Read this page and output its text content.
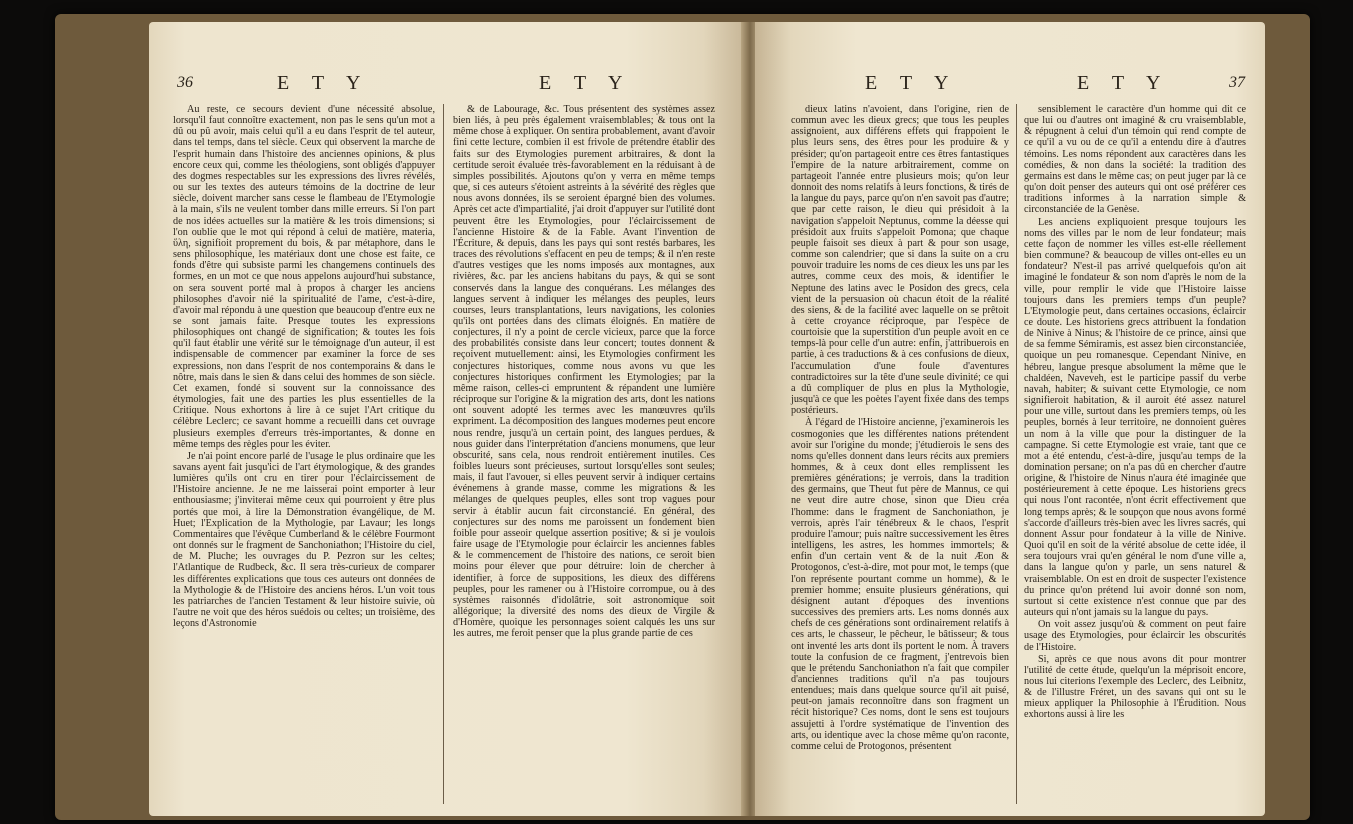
36	E T Y	E T Y

Au reste, ce secours devient d'une nécessité absolue, lorsqu'il faut connoître exactement, non pas le sens qu'un mot a dû ou pû avoir, mais celui qu'il a eu dans l'esprit de tel auteur, dans tel temps, dans tel siècle. Ceux qui observent la marche de l'esprit humain dans l'histoire des anciennes opinions, & plus encore ceux qui, comme les théologiens, sont obligés d'appuyer des dogmes respectables sur les expressions des livres révélés, ou sur les textes des auteurs témoins de la doctrine de leur siècle, doivent marcher sans cesse le flambeau de l'Etymologie à la main, s'ils ne veulent tomber dans mille erreurs. Si l'on part de nos idées actuelles sur la matière & les trois dimensions; si l'on oublie que le mot qui répond à celui de matière, materia, ὕλη, signifioit proprement du bois, & par métaphore, dans le sens philosophique, les matériaux dont une chose est faite, ce fonds d'être qui subsiste parmi les changemens continuels des formes, en un mot ce que nous appelons aujourd'hui substance, on sera souvent porté mal à propos à charger les anciens philosophes d'avoir nié la spiritualité de l'ame, c'est-à-dire, d'avoir mal répondu à une question que beaucoup d'entre eux ne se sont jamais faite. Presque toutes les expressions philosophiques ont changé de signification; & toutes les fois qu'il faut établir une vérité sur le témoignage d'un auteur, il est indispensable de commencer par examiner la force de ses expressions, non dans l'esprit de nos contemporains & dans le nôtre, mais dans le sien & dans celui des hommes de son siècle. Cet examen, fondé si souvent sur la connoissance des étymologies, fait une des parties les plus essentielles de la Critique. Nous exhortons à lire à ce sujet l'Art critique du célèbre Leclerc; ce savant homme a recueilli dans cet ouvrage plusieurs exemples d'erreurs très-importantes, & donne en même temps des règles pour les éviter.

Je n'ai point encore parlé de l'usage le plus ordinaire que les savans ayent fait jusqu'ici de l'art étymologique, & des grandes lumières qu'ils ont cru en tirer pour l'éclaircissement de l'Histoire ancienne. Je ne me laisserai point emporter à leur enthousiasme; j'inviterai même ceux qui pourroient y être plus portés que moi, à lire la Démonstration évangélique, de M. Huet; l'Explication de la Mythologie, par Lavaur; les longs Commentaires que l'évêque Cumberland & le célèbre Fourmont ont donnés sur le fragment de Sanchoniathon; l'Histoire du ciel, de M. Pluche; les ouvrages du P. Pezron sur les celtes; l'Atlantique de Rudbeck, &c. Il sera très-curieux de comparer les différentes explications que tous ces auteurs ont données de la Mythologie & de l'Histoire des anciens héros. L'un voit tous les patriarches de l'ancien Testament & leur histoire suivie, où l'autre ne voit que des héros suédois ou celtes; un troisième, des leçons d'Astronomie

& de Labourage, &c. Tous présentent des systèmes assez bien liés, à peu près également vraisemblables; & tous ont la même chose à expliquer. On sentira probablement, avant d'avoir fini cette lecture, combien il est frivole de prétendre établir des faits sur des Etymologies purement arbitraires, & dont la certitude seroit évaluée très-favorablement en la réduisant à de simples possibilités. Ajoutons qu'on y verra en même temps que, si ces auteurs s'étoient astreints à la sévérité des règles que nous avons données, ils se seroient épargné bien des volumes. Après cet acte d'impartialité, j'ai droit d'appuyer sur l'utilité dont peuvent être les Etymologies, pour l'éclaircissement de l'ancienne Histoire & de la Fable. Avant l'invention de l'Écriture, & depuis, dans les pays qui sont restés barbares, les traces des révolutions s'effacent en peu de temps; & il n'en reste d'autres vestiges que les noms imposés aux montagnes, aux rivières, &c. par les anciens habitans du pays, & qui se sont conservés dans la langue des conquérans. Les mélanges des langues servent à indiquer les mélanges des peuples, leurs courses, leurs transplantations, leurs navigations, les colonies qu'ils ont portées dans des climats éloignés. En matière de conjectures, il n'y a point de cercle vicieux, parce que la force des probabilités consiste dans leur concert; toutes donnent & reçoivent mutuellement: ainsi, les Etymologies confirment les conjectures historiques, comme nous avons vu que les conjectures historiques confirment les Etymologies; par la même raison, celles-ci empruntent & répandent une lumière réciproque sur l'origine & la migration des arts, dont les nations ont souvent adopté les termes avec les manœuvres qu'ils expriment. La décomposition des langues modernes peut encore nous rendre, jusqu'à un certain point, des langues perdues, & nous guider dans l'interprétation d'anciens monumens, que leur obscurité, sans cela, nous rendroit entièrement inutiles. Ces foibles lueurs sont précieuses, surtout lorsqu'elles sont seules; mais, il faut l'avouer, si elles peuvent servir à indiquer certains événemens à grande masse, comme les migrations & les mélanges de quelques peuples, elles sont trop vagues pour servir à établir aucun fait circonstancié. En général, des conjectures sur des noms me paroissent un fondement bien foible pour asseoir quelque assertion positive; & si je voulois faire usage de l'Etymologie pour éclaircir les anciennes fables & le commencement de l'histoire des nations, ce seroit bien moins pour élever que pour détruire: loin de chercher à identifier, à force de suppositions, les dieux des différens peuples, pour les ramener ou à l'Histoire corrompue, ou à des systèmes raisonnés d'idolâtrie, soit astronomique soit allégorique; la diversité des noms des dieux de Virgile & d'Homère, quoique les personnages soient calqués les uns sur les autres, me feroit penser que la plus grande partie de ces

E T Y	E T Y	37

dieux latins n'avoient, dans l'origine, rien de commun avec les dieux grecs; que tous les peuples assignoient, aux différens effets qui frappoient le plus leurs sens, des êtres pour les produire & y présider; qu'on partageoit entre ces êtres fantastiques l'empire de la nature arbitrairement, comme on partageoit l'année entre plusieurs mois; qu'on leur donnoit des noms relatifs à leurs fonctions, & tirés de la langue du pays, parce qu'on n'en savoit pas d'autre; que par cette raison, le dieu qui présidoit à la navigation s'appeloit Neptunus, comme la déesse qui présidoit aux fruits s'appeloit Pomona; que chaque peuple faisoit ses dieux à part & pour son usage, comme son calendrier; que si dans la suite on a cru pouvoir traduire les noms de ces dieux les uns par les autres, comme ceux des mois, & identifier le Neptune des latins avec le Posidon des grecs, cela vient de la persuasion où chacun étoit de la réalité des siens, & de la facilité avec laquelle on se prêtoit à cette croyance réciproque, par l'espèce de courtoisie que la superstition d'un peuple avoit en ce temps-là pour celle d'un autre: enfin, j'attribuerois en partie, à ces traductions & à ces confusions de dieux, l'accumulation d'une foule d'aventures contradictoires sur la tête d'une seule divinité; ce qui a dû compliquer de plus en plus la Mythologie, jusqu'à ce que les poètes l'ayent fixée dans des temps postérieurs.

À l'égard de l'Histoire ancienne, j'examinerois les cosmogonies que les différentes nations prétendent avoir sur l'origine du monde; j'étudierois le sens des noms qu'elles donnent dans leurs récits aux premiers hommes, & à ceux dont elles remplissent les premières générations; je verrois, dans la tradition des germains, que Theut fut père de Mannus, ce qui ne veut dire autre chose, sinon que Dieu créa l'homme: dans le fragment de Sanchoniathon, je verrois, après l'air ténébreux & le chaos, l'esprit produire l'amour; puis naître successivement les êtres intelligens, les astres, les hommes immortels; & enfin d'un certain vent & de la nuit Æon & Protogonos, c'est-à-dire, mot pour mot, le temps (que l'on représente pourtant comme un homme), & le premier homme; ensuite plusieurs générations, qui désignent autant d'époques des inventions successives des premiers arts. Les noms donnés aux chefs de ces générations sont ordinairement relatifs à ces arts, le chasseur, le pêcheur, le bâtisseur; & tous ont inventé les arts dont ils portent le nom. À travers toute la confusion de ce fragment, j'entrevois bien que le prétendu Sanchoniathon n'a fait que compiler d'anciennes traditions qu'il n'a pas toujours entendues; mais dans quelque source qu'il ait puisé, peut-on jamais reconnoître dans son fragment un récit historique? Ces noms, dont le sens est toujours assujetti à l'ordre systématique de l'invention des arts, ou identique avec la chose même qu'on raconte, comme celui de Protogonos, présentent

sensiblement le caractère d'un homme qui dit ce que lui ou d'autres ont imaginé & cru vraisemblable, & répugnent à celui d'un témoin qui rend compte de ce qu'il a vu ou de ce qu'il a entendu dire à d'autres témoins. Les noms répondent aux caractères dans les comédies, & non dans la société: la tradition des germains est dans le même cas; on peut juger par là ce qu'on doit penser des auteurs qui ont osé préférer ces traditions informes à la narration simple & circonstanciée de la Genèse.

Les anciens expliquoient presque toujours les noms des villes par le nom de leur fondateur; mais cette façon de nommer les villes est-elle réellement bien commune? & beaucoup de villes ont-elles eu un fondateur? N'est-il pas arrivé quelquefois qu'on ait imaginé le fondateur & son nom d'après le nom de la ville, pour remplir le vide que l'Histoire laisse toujours dans les premiers temps d'un peuple? L'Etymologie peut, dans certaines occasions, éclaircir ce doute. Les historiens grecs attribuent la fondation de Ninive à Ninus; & l'histoire de ce prince, ainsi que de sa femme Sémiramis, est assez bien circonstanciée, quoique un peu romanesque. Cependant Ninive, en hébreu, langue presque absolument la même que le chaldéen, Naveveh, est le participe passif du verbe navah, habiter; & suivant cette Etymologie, ce nom signifieroit habitation, & il auroit été assez naturel pour une ville, surtout dans les premiers temps, où les peuples, bornés à leur territoire, ne donnoient guères un nom à la ville que pour la distinguer de la campagne. Si cette Etymologie est vraie, tant que ce mot a été entendu, c'est-à-dire, jusqu'au temps de la domination persane; on n'a pas dû en chercher d'autre origine, & l'histoire de Ninus n'aura été imaginée que postérieurement à cette époque. Les historiens grecs qui nous l'ont racontée, n'ont écrit effectivement que long temps après; & le soupçon que nous avons formé s'accorde d'ailleurs très-bien avec les livres sacrés, qui donnent Assur pour fondateur à la ville de Ninive. Quoi qu'il en soit de la vérité absolue de cette idée, il sera toujours vrai qu'en général le nom d'une ville a, dans la langue qu'on y parle, un sens naturel & vraisemblable. On est en droit de suspecter l'existence du prince qu'on prétend lui avoir donné son nom, surtout si cette existence n'est connue que par des auteurs qui n'ont jamais su la langue du pays.

On voit assez jusqu'où & comment on peut faire usage des Etymologies, pour éclaircir les obscurités de l'Histoire.

Si, après ce que nous avons dit pour montrer l'utilité de cette étude, quelqu'un la méprisoit encore, nous lui citerions l'exemple des Leclerc, des Leibnitz, & de l'illustre Fréret, un des savans qui ont su le mieux appliquer la Philosophie à l'Érudition. Nous exhortons aussi à lire les
